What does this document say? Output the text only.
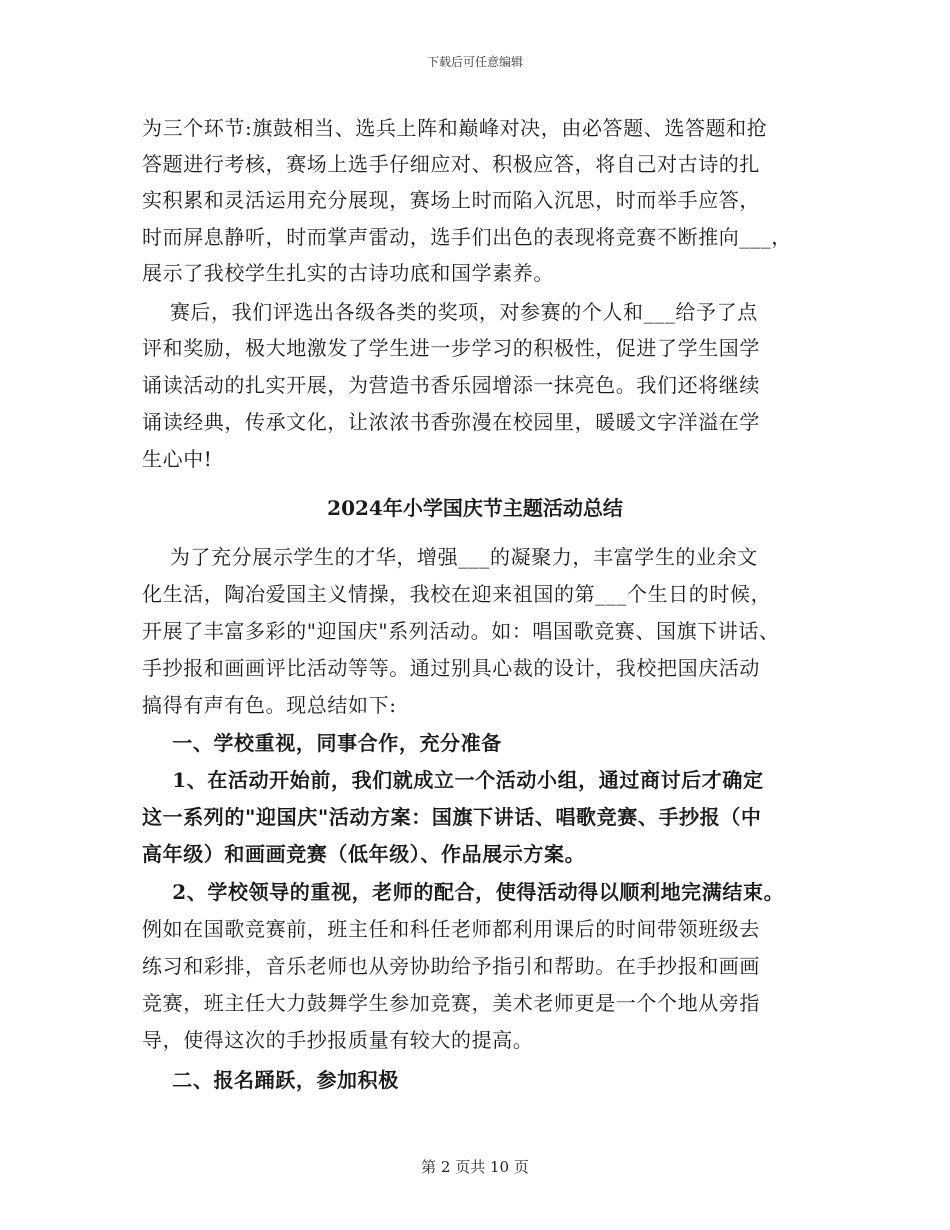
下载后可任意编辑
为三个环节:旗鼓相当、选兵上阵和巅峰对决，由必答题、选答题和抢
答题进行考核，赛场上选手仔细应对、积极应答，将自己对古诗的扎
实积累和灵活运用充分展现，赛场上时而陷入沉思，时而举手应答，
时而屏息静听，时而掌声雷动，选手们出色的表现将竞赛不断推向___，
展示了我校学生扎实的古诗功底和国学素养。
赛后，我们评选出各级各类的奖项，对参赛的个人和___给予了点
评和奖励，极大地激发了学生进一步学习的积极性，促进了学生国学
诵读活动的扎实开展，为营造书香乐园增添一抹亮色。我们还将继续
诵读经典，传承文化，让浓浓书香弥漫在校园里，暖暖文字洋溢在学
生心中!
2024年小学国庆节主题活动总结
为了充分展示学生的才华，增强___的凝聚力，丰富学生的业余文
化生活，陶冶爱国主义情操，我校在迎来祖国的第___个生日的时候，
开展了丰富多彩的"迎国庆"系列活动。如：唱国歌竞赛、国旗下讲话、
手抄报和画画评比活动等等。通过别具心裁的设计，我校把国庆活动
搞得有声有色。现总结如下:
一、学校重视，同事合作，充分准备
1、在活动开始前，我们就成立一个活动小组，通过商讨后才确定
这一系列的"迎国庆"活动方案：国旗下讲话、唱歌竞赛、手抄报（中
高年级）和画画竞赛（低年级）、作品展示方案。
2、学校领导的重视，老师的配合，使得活动得以顺利地完满结束。
例如在国歌竞赛前，班主任和科任老师都利用课后的时间带领班级去
练习和彩排，音乐老师也从旁协助给予指引和帮助。在手抄报和画画
竞赛，班主任大力鼓舞学生参加竞赛，美术老师更是一个个地从旁指
导，使得这次的手抄报质量有较大的提高。
二、报名踊跃，参加积极
第 2 页共 10 页
